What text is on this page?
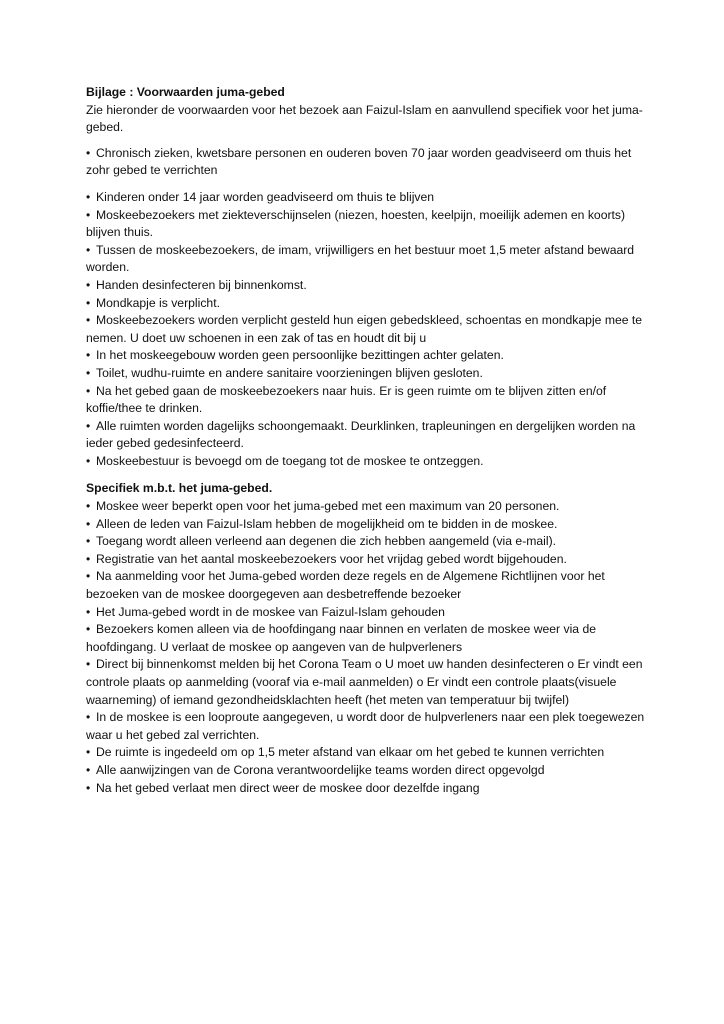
Bijlage : Voorwaarden juma-gebed

Zie hieronder de voorwaarden voor het bezoek aan Faizul-Islam en aanvullend specifiek voor het juma-gebed.

• Chronisch zieken, kwetsbare personen en ouderen boven 70 jaar worden geadviseerd om thuis het zohr gebed te verrichten
• Kinderen onder 14 jaar worden geadviseerd om thuis te blijven
• Moskeebezoekers met ziekteverschijnselen (niezen, hoesten, keelpijn, moeilijk ademen en koorts) blijven thuis.
• Tussen de moskeebezoekers, de imam, vrijwilligers en het bestuur moet 1,5 meter afstand bewaard worden.
• Handen desinfecteren bij binnenkomst.
• Mondkapje is verplicht.
• Moskeebezoekers worden verplicht gesteld hun eigen gebedskleed, schoentas en mondkapje mee te nemen. U doet uw schoenen in een zak of tas en houdt dit bij u
• In het moskeegebouw worden geen persoonlijke bezittingen achter gelaten.
• Toilet, wudhu-ruimte en andere sanitaire voorzieningen blijven gesloten.
• Na het gebed gaan de moskeebezoekers naar huis. Er is geen ruimte om te blijven zitten en/of koffie/thee te drinken.
• Alle ruimten worden dagelijks schoongemaakt. Deurklinken, trapleuningen en dergelijken worden na ieder gebed gedesinfecteerd.
• Moskeebestuur is bevoegd om de toegang tot de moskee te ontzeggen.
Specifiek m.b.t. het juma-gebed.
• Moskee weer beperkt open voor het juma-gebed met een maximum van 20 personen.
• Alleen de leden van Faizul-Islam hebben de mogelijkheid om te bidden in de moskee.
• Toegang wordt alleen verleend aan degenen die zich hebben aangemeld (via e-mail).
• Registratie van het aantal moskeebezoekers voor het vrijdag gebed wordt bijgehouden.
• Na aanmelding voor het Juma-gebed worden deze regels en de Algemene Richtlijnen voor het bezoeken van de moskee doorgegeven aan desbetreffende bezoeker
• Het Juma-gebed wordt in de moskee van Faizul-Islam gehouden
• Bezoekers komen alleen via de hoofdingang naar binnen en verlaten de moskee weer via de hoofdingang. U verlaat de moskee op aangeven van de hulpverleners
• Direct bij binnenkomst melden bij het Corona Team o U moet uw handen desinfecteren o Er vindt een controle plaats op aanmelding (vooraf via e-mail aanmelden) o Er vindt een controle plaats(visuele waarneming) of iemand gezondheidsklachten heeft (het meten van temperatuur bij twijfel)
• In de moskee is een looproute aangegeven, u wordt door de hulpverleners naar een plek toegewezen waar u het gebed zal verrichten.
• De ruimte is ingedeeld om op 1,5 meter afstand van elkaar om het gebed te kunnen verrichten
• Alle aanwijzingen van de Corona verantwoordelijke teams worden direct opgevolgd
• Na het gebed verlaat men direct weer de moskee door dezelfde ingang
